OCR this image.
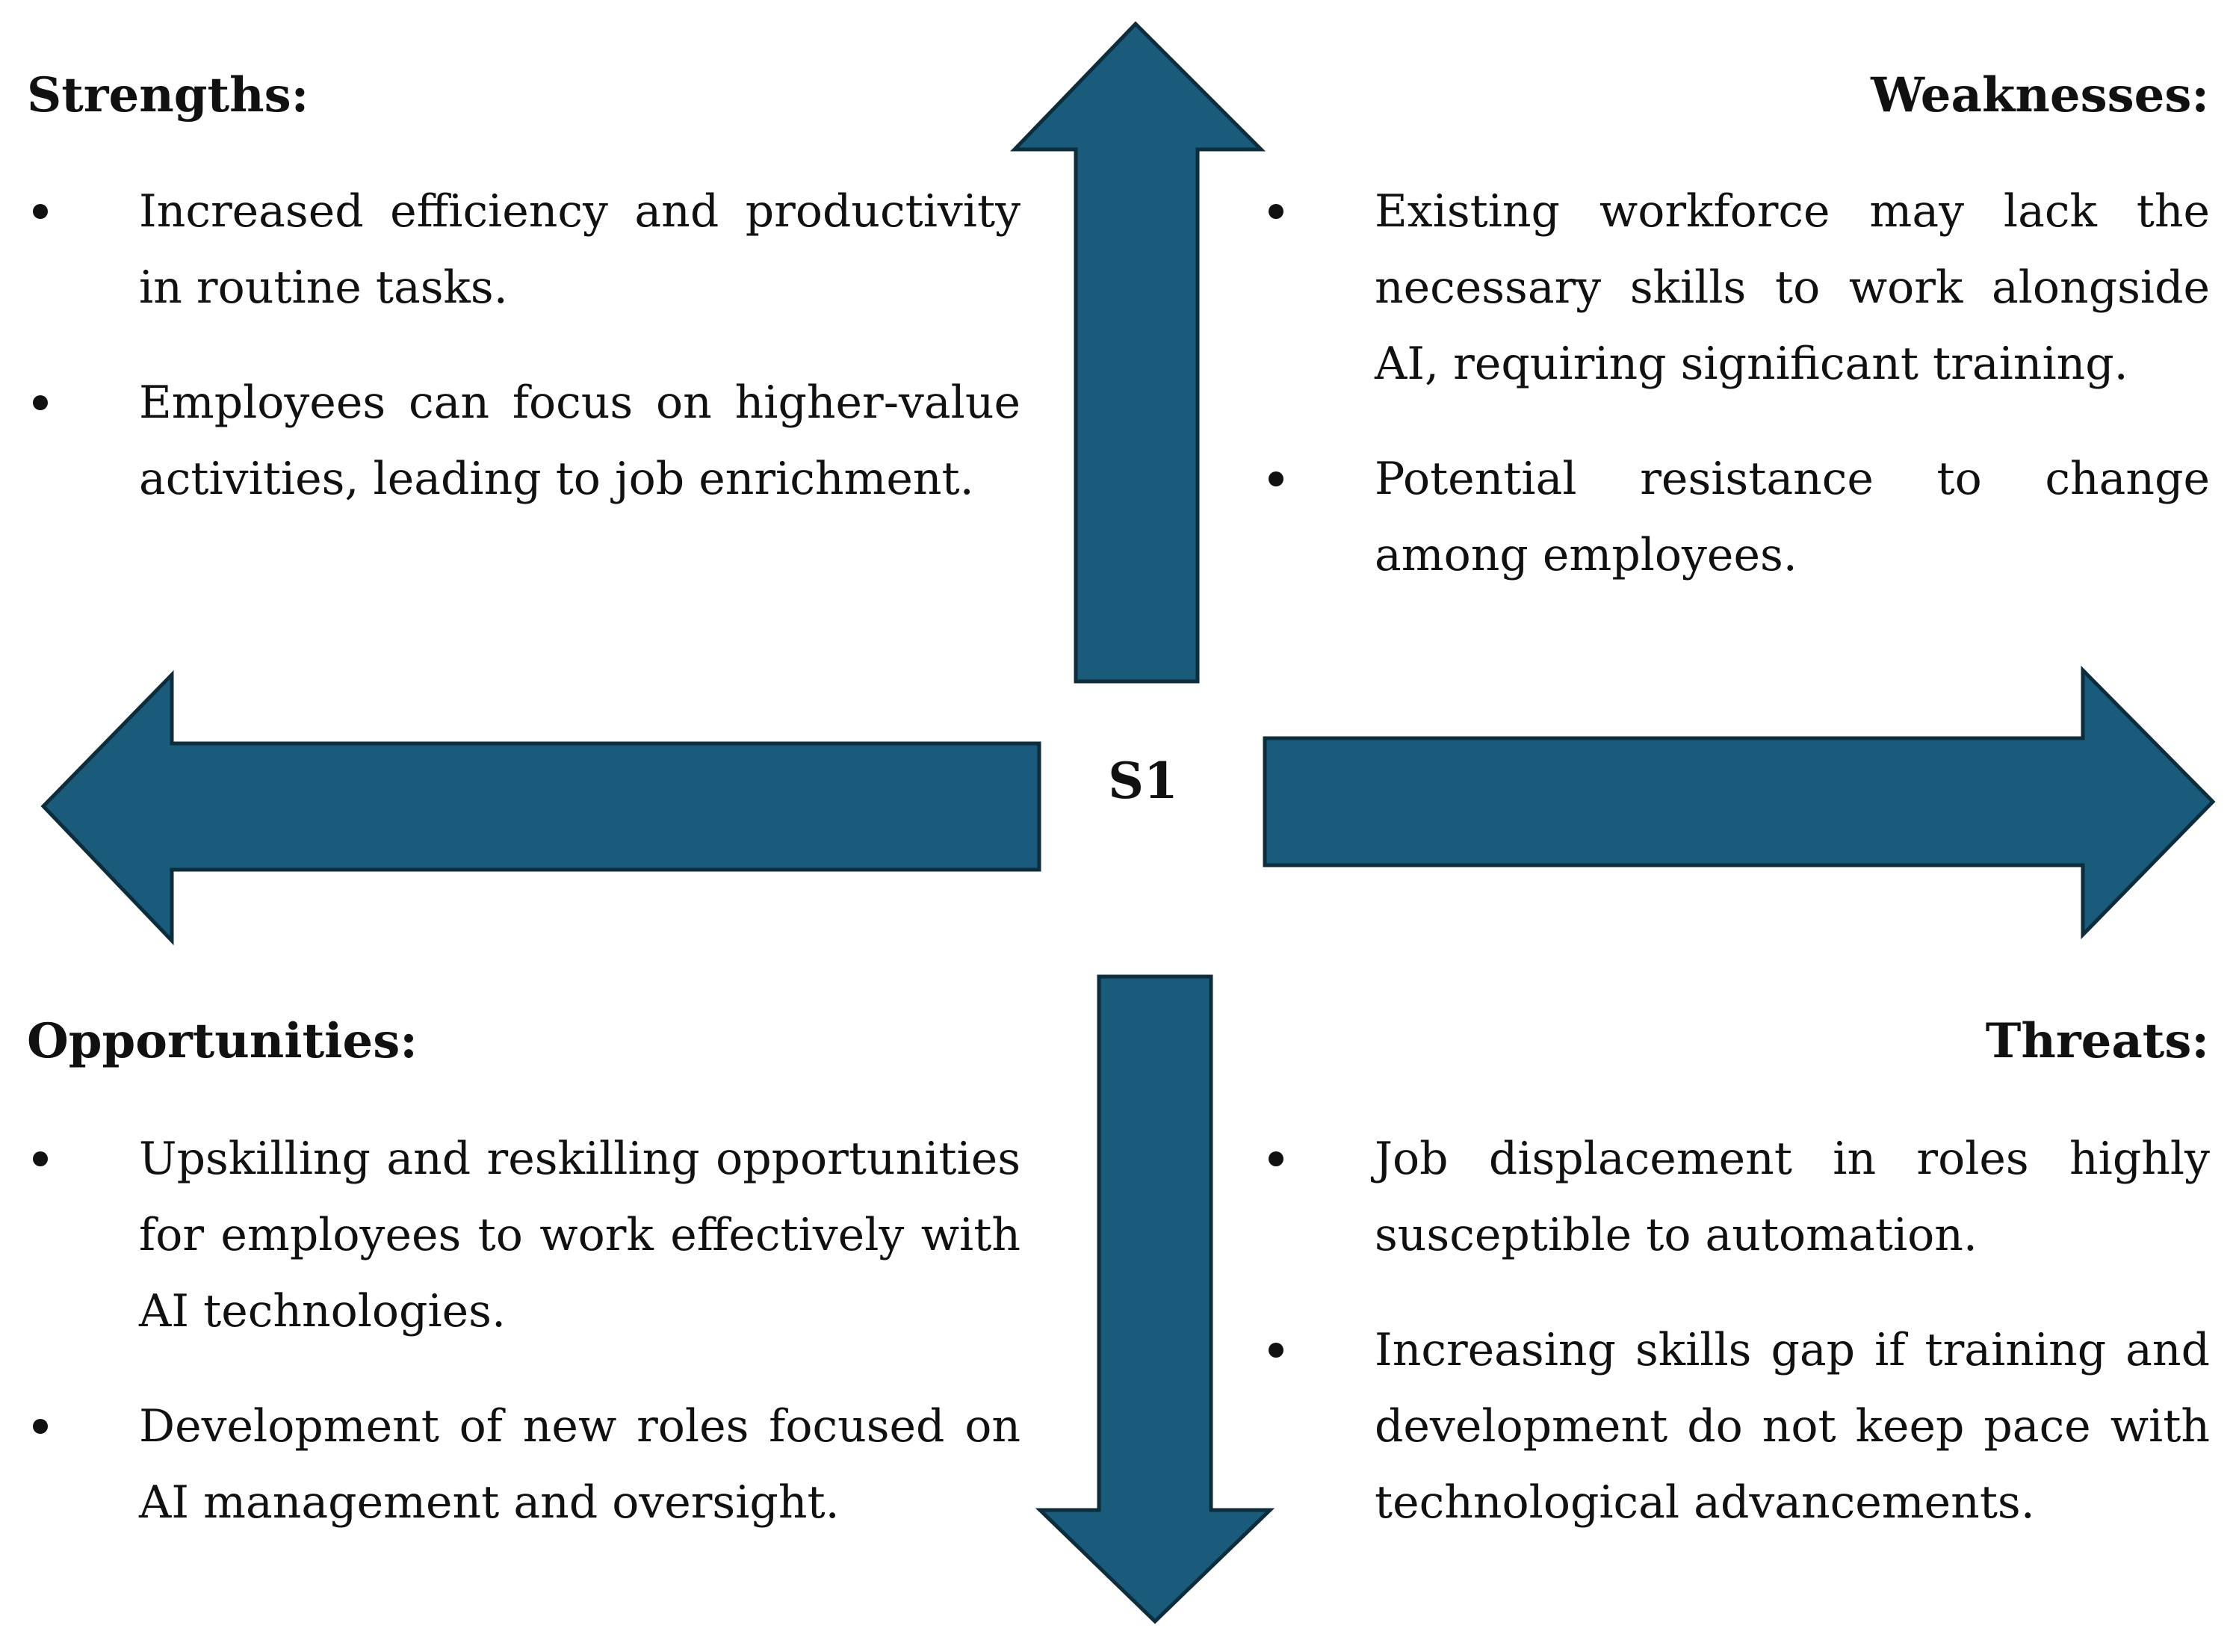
S1
Strengths:
Increased efficiency and productivity in routine tasks.
Employees can focus on higher-value activities, leading to job enrichment.
Weaknesses:
Existing workforce may lack the necessary skills to work alongside AI, requiring significant training.
Potential resistance to change among employees.
Opportunities:
Upskilling and reskilling opportunities for employees to work effectively with AI technologies.
Development of new roles focused on AI management and oversight.
Threats:
Job displacement in roles highly susceptible to automation.
Increasing skills gap if training and development do not keep pace with technological advancements.
